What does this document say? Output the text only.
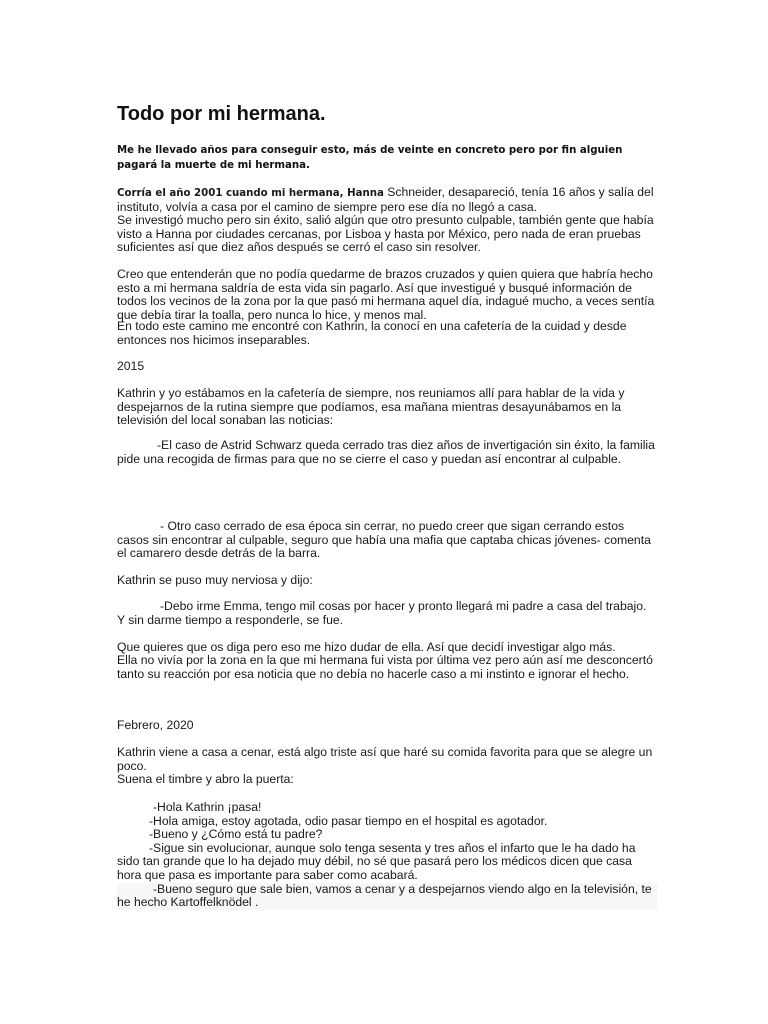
Todo por mi hermana.

Me he llevado años para conseguir esto, más de veinte en concreto pero por fin alguien pagará la muerte de mi hermana.

Corría el año 2001 cuando mi hermana, Hanna Schneider, desapareció, tenía 16 años y salía del instituto, volvía a casa por el camino de siempre pero ese día no llegó a casa.

Se investigó mucho pero sin éxito, salió algún que otro presunto culpable, también gente que había visto a Hanna por ciudades cercanas, por Lisboa y hasta por México, pero nada de eran pruebas suficientes así que diez años después se cerró el caso sin resolver.

Creo que entenderán que no podía quedarme de brazos cruzados y quien quiera que habría hecho esto a mi hermana saldría de esta vida sin pagarlo. Así que investigué y busqué información de todos los vecinos de la zona por la que pasó mi hermana aquel día, indagué mucho, a veces sentía que debía tirar la toalla, pero nunca lo hice, y menos mal.

En todo este camino me encontré con Kathrin, la conocí en una cafetería de la cuidad y desde entonces nos hicimos inseparables.

2015

Kathrin y yo estábamos en la cafetería de siempre, nos reuniamos allí para hablar de la vida y despejarnos de la rutina siempre que podíamos, esa mañana mientras desayunábamos en la televisión del local sonaban las noticias:

-El caso de Astrid Schwarz queda cerrado tras diez años de invertigación sin éxito, la familia pide una recogida de firmas para que no se cierre el caso y puedan así encontrar al culpable.

- Otro caso cerrado de esa época sin cerrar, no puedo creer que sigan cerrando estos casos sin encontrar al culpable, seguro que había una mafia que captaba chicas jóvenes- comenta el camarero desde detrás de la barra.

Kathrin se puso muy nerviosa y dijo:

-Debo irme Emma, tengo mil cosas por hacer y pronto llegará mi padre a casa del trabajo. Y sin darme tiempo a responderle, se fue.

Que quieres que os diga pero eso me hizo dudar de ella. Así que decidí investigar algo más.

Ella no vivía por la zona en la que mi hermana fui vista por última vez pero aún así me desconcertó tanto su reacción por esa noticia que no debía no hacerle caso a mi instinto e ignorar el hecho.

Febrero, 2020

Kathrin viene a casa a cenar, está algo triste así que haré su comida favorita para que se alegre un poco.

Suena el timbre y abro la puerta:

-Hola Kathrin ¡pasa!
-Hola amiga, estoy agotada, odio pasar tiempo en el hospital es agotador.
-Bueno y ¿Cómo está tu padre?
-Sigue sin evolucionar, aunque solo tenga sesenta y tres años el infarto que le ha dado ha sido tan grande que lo ha dejado muy débil, no sé que pasará pero los médicos dicen que casa hora que pasa es importante para saber como acabará.
-Bueno seguro que sale bien, vamos a cenar y a despejarnos viendo algo en la televisión, te he hecho Kartoffelknödel .
